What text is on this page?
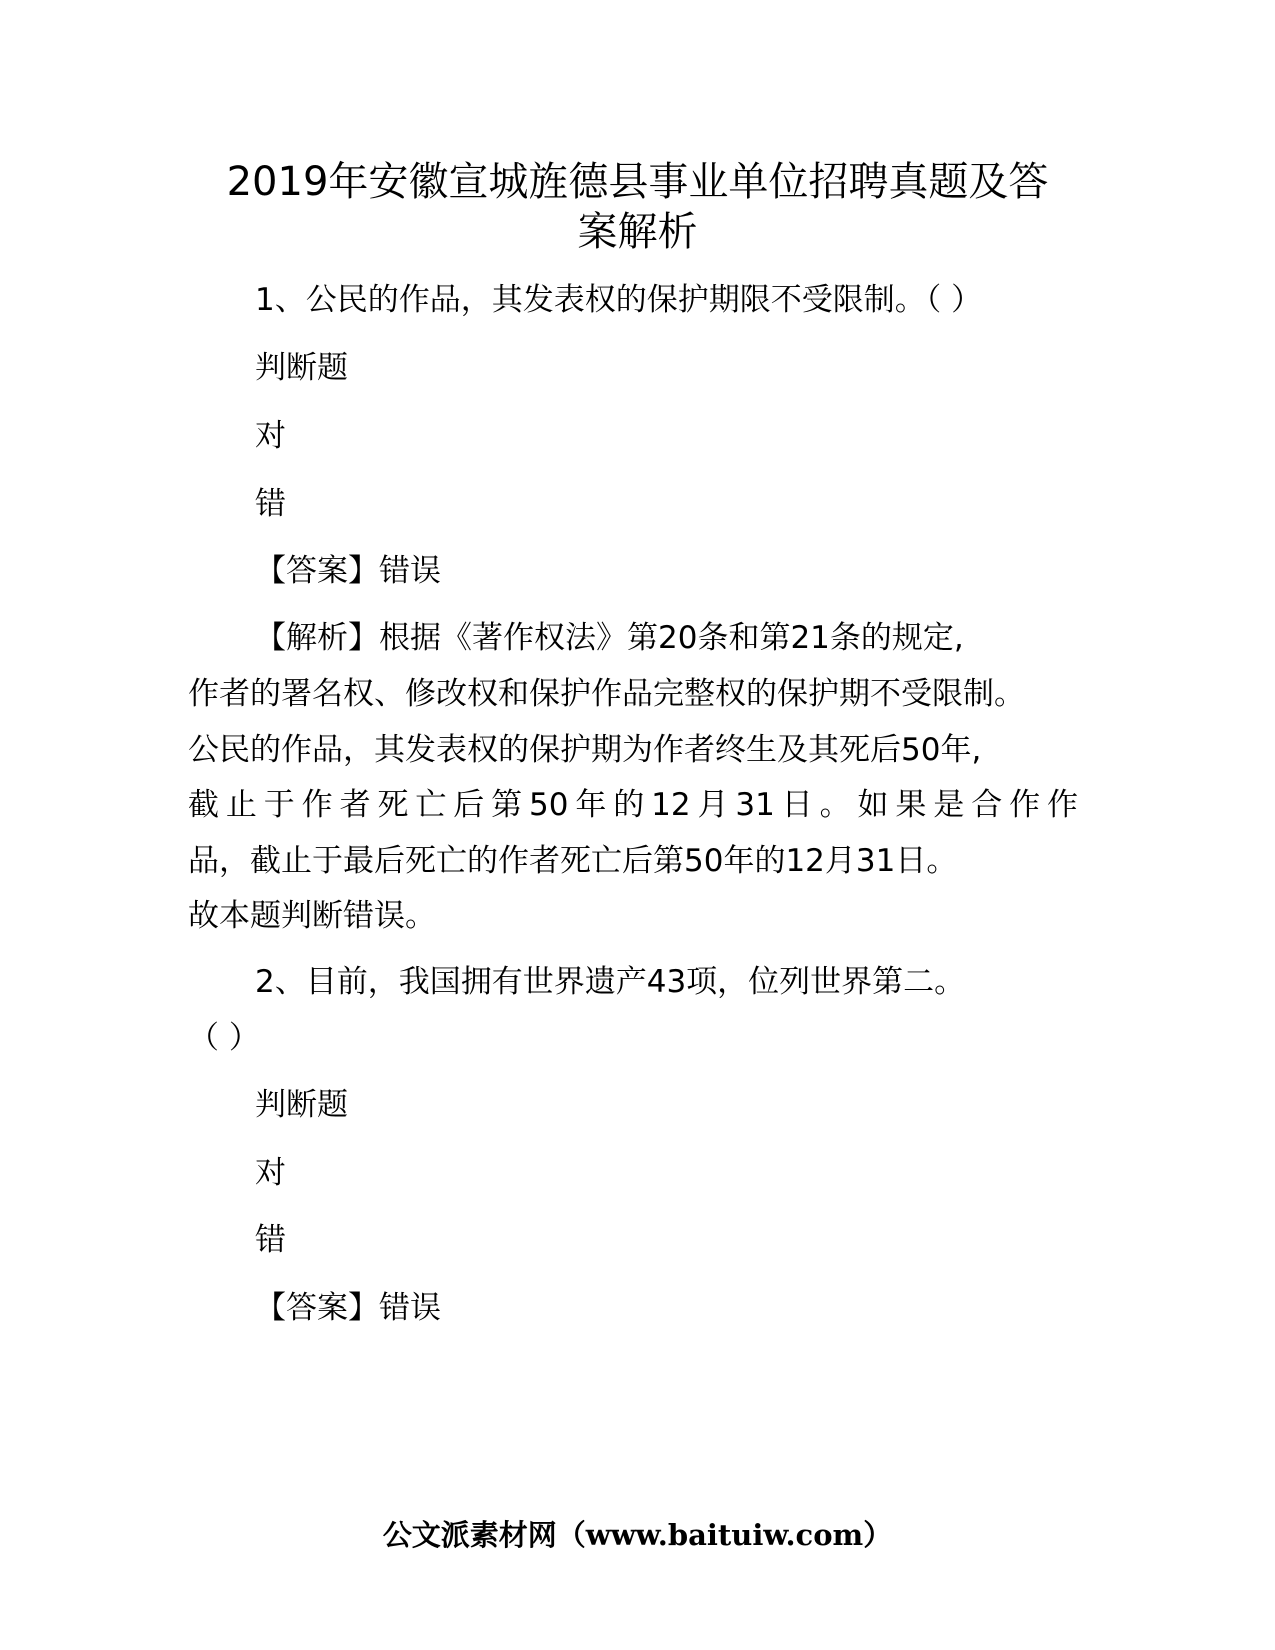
2019年安徽宣城旌德县事业单位招聘真题及答
案解析
1、公民的作品，其发表权的保护期限不受限制。（ ）
判断题
对
错
【答案】错误
【解析】根据《著作权法》第20条和第21条的规定,
作者的署名权、修改权和保护作品完整权的保护期不受限制。
公民的作品，其发表权的保护期为作者终生及其死后50年,
截止于作者死亡后第50年的12月31日。如果是合作作
品，截止于最后死亡的作者死亡后第50年的12月31日。
故本题判断错误。
2、目前，我国拥有世界遗产43项，位列世界第二。
（ ）
判断题
对
错
【答案】错误
公文派素材网（www.baituiw.com）
